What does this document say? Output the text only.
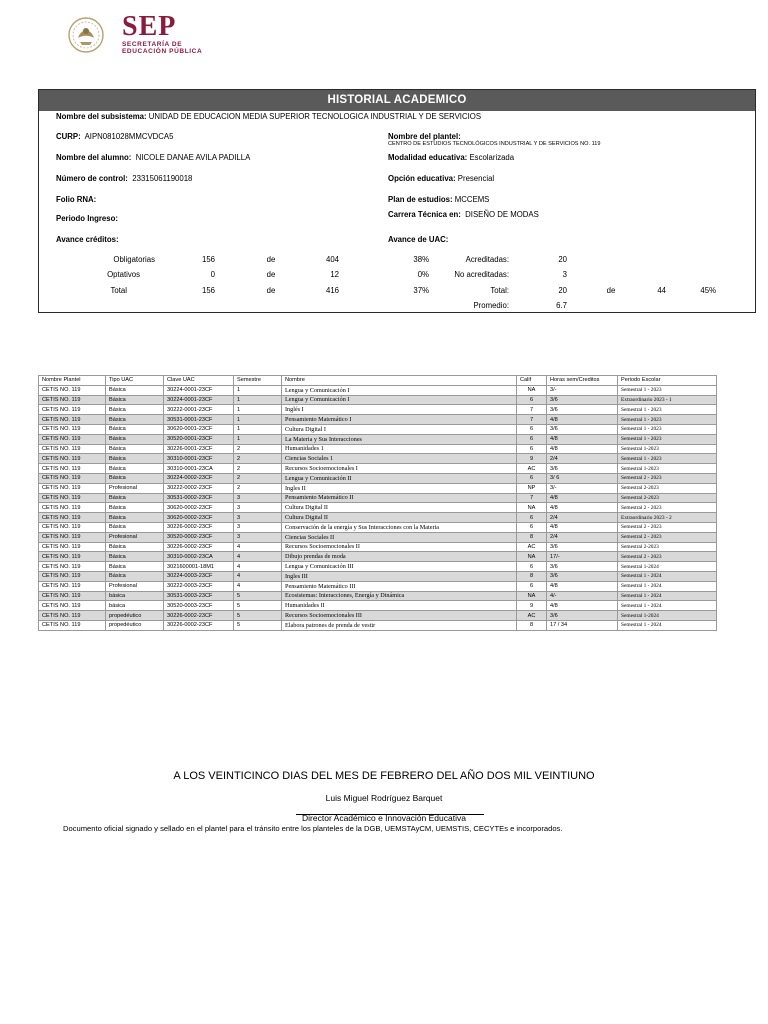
SEP
SECRETARÍA DE
EDUCACIÓN PÚBLICA
HISTORIAL ACADEMICO
Nombre del subsistema: UNIDAD DE EDUCACION MEDIA SUPERIOR TECNOLOGICA INDUSTRIAL Y DE SERVICIOS
CURP: AIPN081028MMCVDCA5
Nombre del alumno: NICOLE DANAE AVILA PADILLA
Número de control: 23315061190018
Folio RNA:
Periodo Ingreso:
Avance créditos:
Nombre del plantel:
CENTRO DE ESTUDIOS TECNOLÓGICOS INDUSTRIAL Y DE SERVICIOS NO. 119
Modalidad educativa: Escolarizada
Opción educativa: Presencial
Plan de estudios: MCCEMS
Carrera Técnica en: DISEÑO DE MODAS
Avance de UAC:
Obligatorias	156	de	404	38%
Optativos	0	de	12	0%
Total	156	de	416	37%
Acreditadas:	20
No acreditadas:	3
Total:	20	de	44	45%
Promedio:	6.7
Nombre Plantel	Tipo UAC	Clave UAC	Semestre	Nombre	Calif	Horas sem/Creditos	Periodo Escolar
CETIS NO. 119	Básica	30224-0001-23CF	1	Lengua y Comunicación I	NA	3/-	Semestral 1 - 2023
CETIS NO. 119	Básica	30224-0001-23CF	1	Lengua y Comunicación I	6	3/6	Extraordinario 2023 - 1
CETIS NO. 119	Básica	30222-0001-23CF	1	Inglés I	7	3/6	Semestral 1 - 2023
CETIS NO. 119	Básica	30531-0001-23CF	1	Pensamiento Matemático I	7	4/8	Semestral 1 - 2023
CETIS NO. 119	Básica	30620-0001-23CF	1	Cultura Digital I	6	3/6	Semestral 1 - 2023
CETIS NO. 119	Básica	30520-0001-23CF	1	La Materia y Sus Interacciones	6	4/8	Semestral 1 - 2023
CETIS NO. 119	Básica	30226-0001-23CF	2	Humanidades 1	6	4/8	Semestral 1-2023
CETIS NO. 119	Básica	30310-0001-23CF	2	Ciencias Sociales 1	9	2/4	Semestral 1 - 2023
CETIS NO. 119	Básica	30310-0001-23CA	2	Recursos Socioemocionales I	AC	3/6	Semestral 1-2023
CETIS NO. 119	Básica	30224-0002-23CF	2	Lengua y Comunicación II	6	3/ 6	Semestral 2 - 2023
CETIS NO. 119	Profesional	30222-0002-23CF	2	Ingles II	NP	3/-	Semestral 2-2023
CETIS NO. 119	Básica	30531-0002-23CF	3	Pensamiento Matemático II	7	4/8	Semestral 2-2023
CETIS NO. 119	Básica	30620-0002-23CF	3	Cultura Digital II	NA	4/8	Semestral 2 - 2023
CETIS NO. 119	Básica	30620-0002-23CF	3	Cultura Digital II	6	2/4	Extraordinario 2023 - 2
CETIS NO. 119	Básica	30226-0002-23CF	3	Conservación de la energía y Sus Interacciones con la Materia	6	4/8	Semestral 2 - 2023
CETIS NO. 119	Profesional	30520-0002-23CF	3	Ciencias Sociales II	8	2/4	Semestral 2 - 2023
CETIS NO. 119	Básica	30226-0002-23CF	4	Recursos Socioemocionales II	AC	3/6	Semestral 2-2023
CETIS NO. 119	Básica	30310-0002-23CA	4	Dibujo prendas de moda	NA	17/-	Semestral 2 - 2023
CETIS NO. 119	Básica	3021600001-18M1	4	Lengua y Comunicación III	6	3/6	Semestral 1-2024
CETIS NO. 119	Básica	30224-0003-23CF	4	Ingles III	8	3/6	Semestral 1 - 2024
CETIS NO. 119	Profesional	30222-0003-23CF	4	Pensamiento Matemático III	6	4/8	Semestral 1 - 2024
CETIS NO. 119	básica	30531-0003-23CF	5	Ecosistemas: Interacciones, Energía y Dinámica	NA	4/-	Semestral 1 - 2024
CETIS NO. 119	básica	30520-0003-23CF	5	Humanidades II	9	4/8	Semestral 1 - 2024
CETIS NO. 119	propedéutico	30226-0002-23CF	5	Recursos Socioemocionales III	AC	3/6	Semestral 1-2024
CETIS NO. 119	propedéutico	30226-0002-23CF	5	Elabora patrones de prenda de vestir	8	17 / 34	Semestral 1 - 2024
A LOS VEINTICINCO DIAS DEL MES DE FEBRERO DEL AÑO DOS MIL VEINTIUNO
Luis Miguel Rodríguez Barquet
Director Académico e Innovación Educativa
Documento oficial signado y sellado en el plantel para el tránsito entre los planteles de la DGB, UEMSTAyCM, UEMSTIS, CECYTEs e incorporados.
